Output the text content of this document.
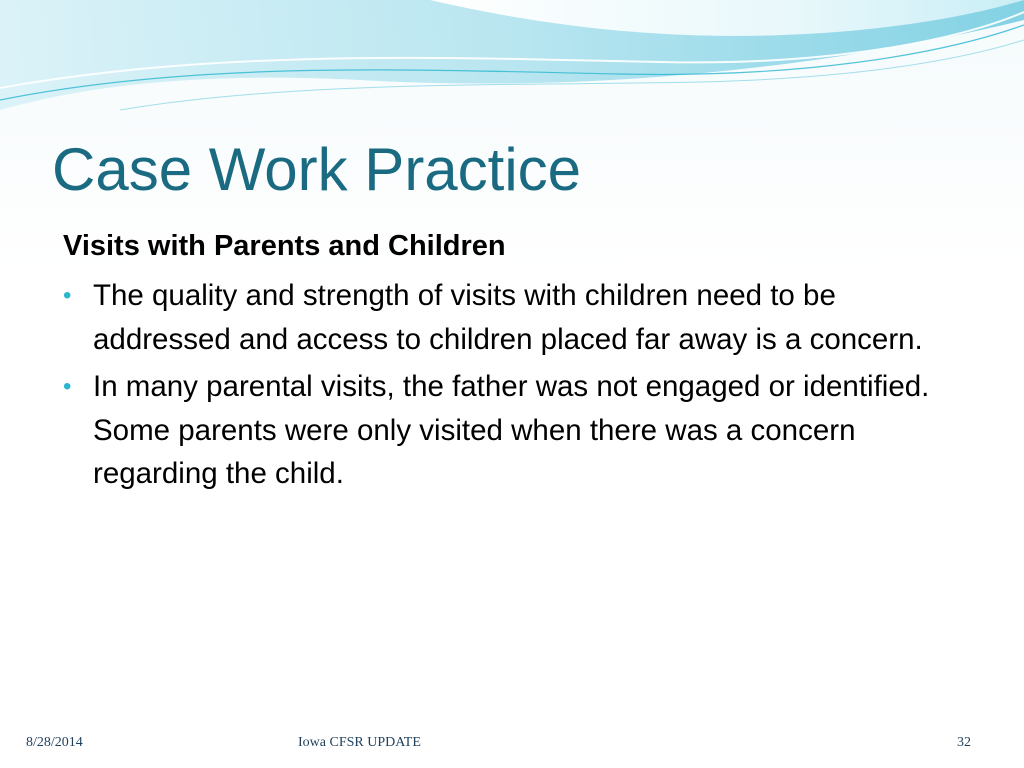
Case Work Practice
Visits with Parents and Children
• The quality and strength of visits with children need to be addressed and access to children placed far away is a concern.
• In many parental visits, the father was not engaged or identified. Some parents were only visited when there was a concern regarding the child.
8/28/2014	Iowa CFSR UPDATE	32
